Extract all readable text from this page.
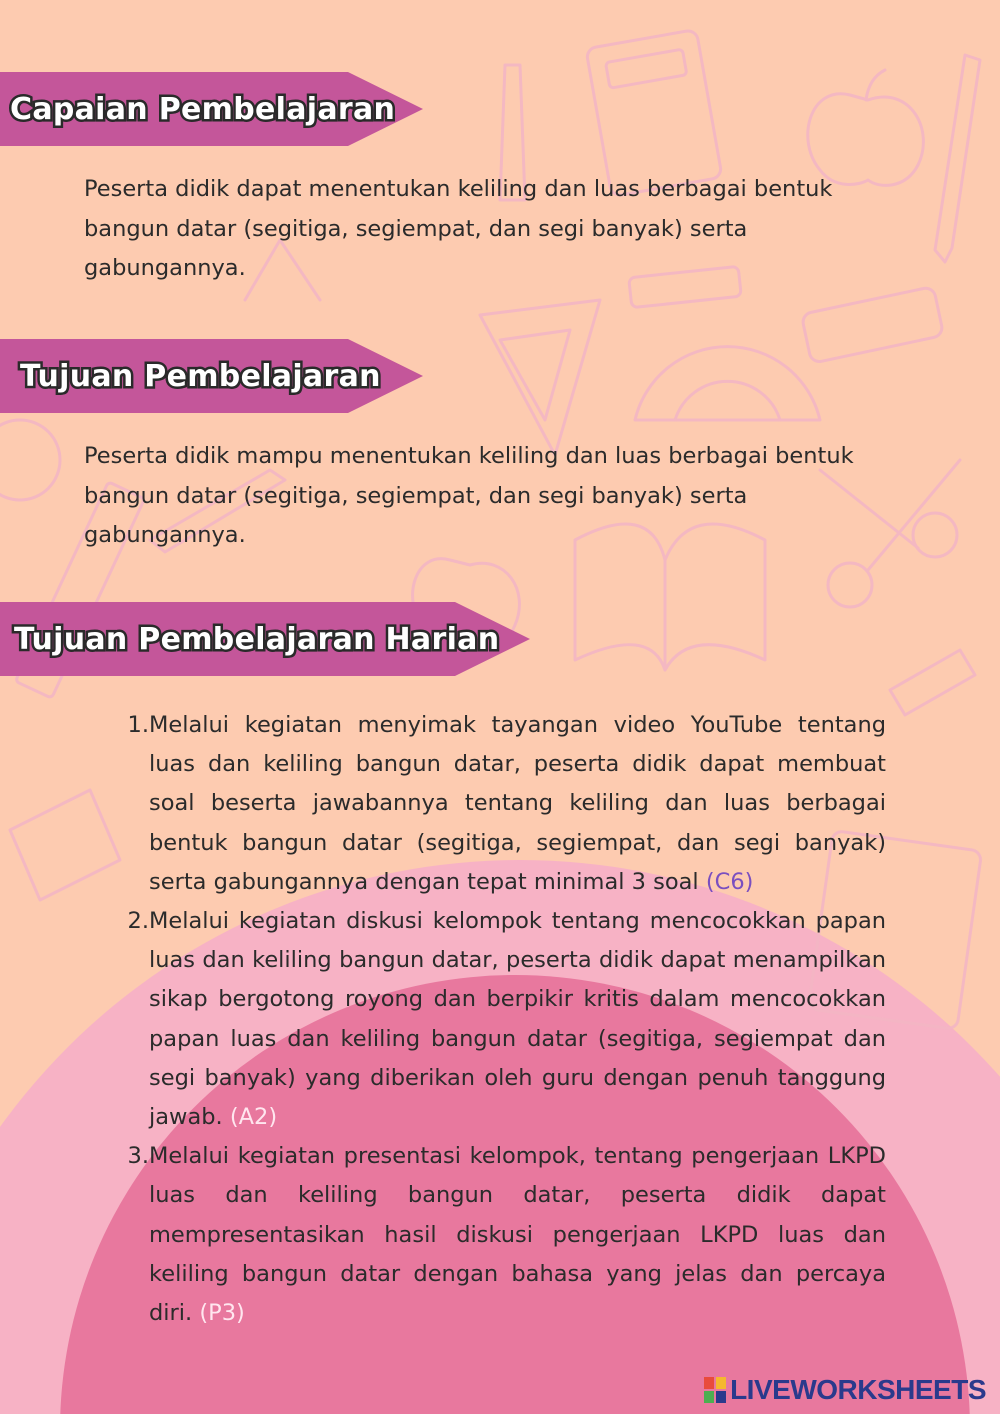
Capaian Pembelajaran
Peserta didik dapat menentukan keliling dan luas berbagai bentuk bangun datar (segitiga, segiempat, dan segi banyak) serta gabungannya.
Tujuan Pembelajaran
Peserta didik mampu menentukan keliling dan luas berbagai bentuk bangun datar (segitiga, segiempat, dan segi banyak) serta gabungannya.
Tujuan Pembelajaran Harian
1. Melalui kegiatan menyimak tayangan video YouTube tentang luas dan keliling bangun datar, peserta didik dapat membuat soal beserta jawabannya tentang keliling dan luas berbagai bentuk bangun datar (segitiga, segiempat, dan segi banyak) serta gabungannya dengan tepat minimal 3 soal (C6)
2. Melalui kegiatan diskusi kelompok tentang mencocokkan papan luas dan keliling bangun datar, peserta didik dapat menampilkan sikap bergotong royong dan berpikir kritis dalam mencocokkan papan luas dan keliling bangun datar (segitiga, segiempat dan segi banyak) yang diberikan oleh guru dengan penuh tanggung jawab. (A2)
3. Melalui kegiatan presentasi kelompok, tentang pengerjaan LKPD luas dan keliling bangun datar, peserta didik dapat mempresentasikan hasil diskusi pengerjaan LKPD luas dan keliling bangun datar dengan bahasa yang jelas dan percaya diri. (P3)
LIVEWORKSHEETS
